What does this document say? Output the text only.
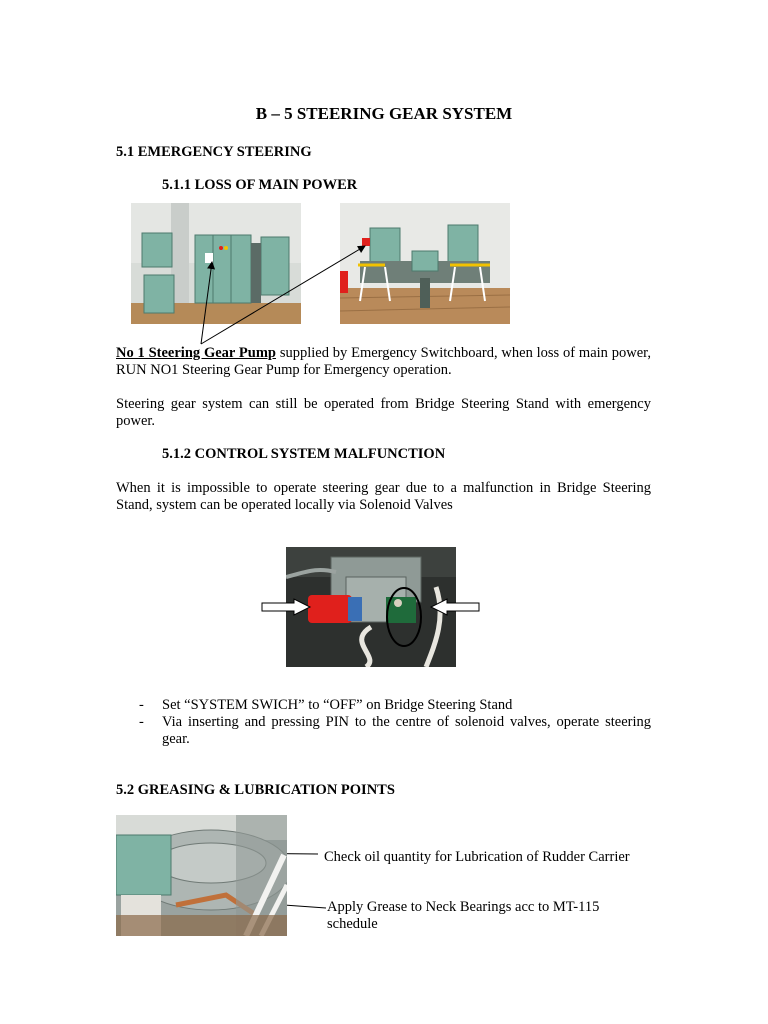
B – 5 STEERING GEAR SYSTEM
5.1 EMERGENCY STEERING
5.1.1 LOSS OF MAIN POWER
No 1 Steering Gear Pump supplied by Emergency Switchboard, when loss of main power, RUN NO1 Steering Gear Pump for Emergency operation.
Steering gear system can still be operated from Bridge Steering Stand with emergency power.
5.1.2 CONTROL SYSTEM MALFUNCTION
When it is impossible to operate steering gear due to a malfunction in Bridge Steering Stand, system can be operated locally via Solenoid Valves
- Set “SYSTEM SWICH” to “OFF” on Bridge Steering Stand
- Via inserting and pressing PIN to the centre of solenoid valves, operate steering gear.
5.2 GREASING & LUBRICATION POINTS
Check oil quantity for Lubrication of Rudder Carrier
Apply Grease to Neck Bearings acc to MT-115 schedule
